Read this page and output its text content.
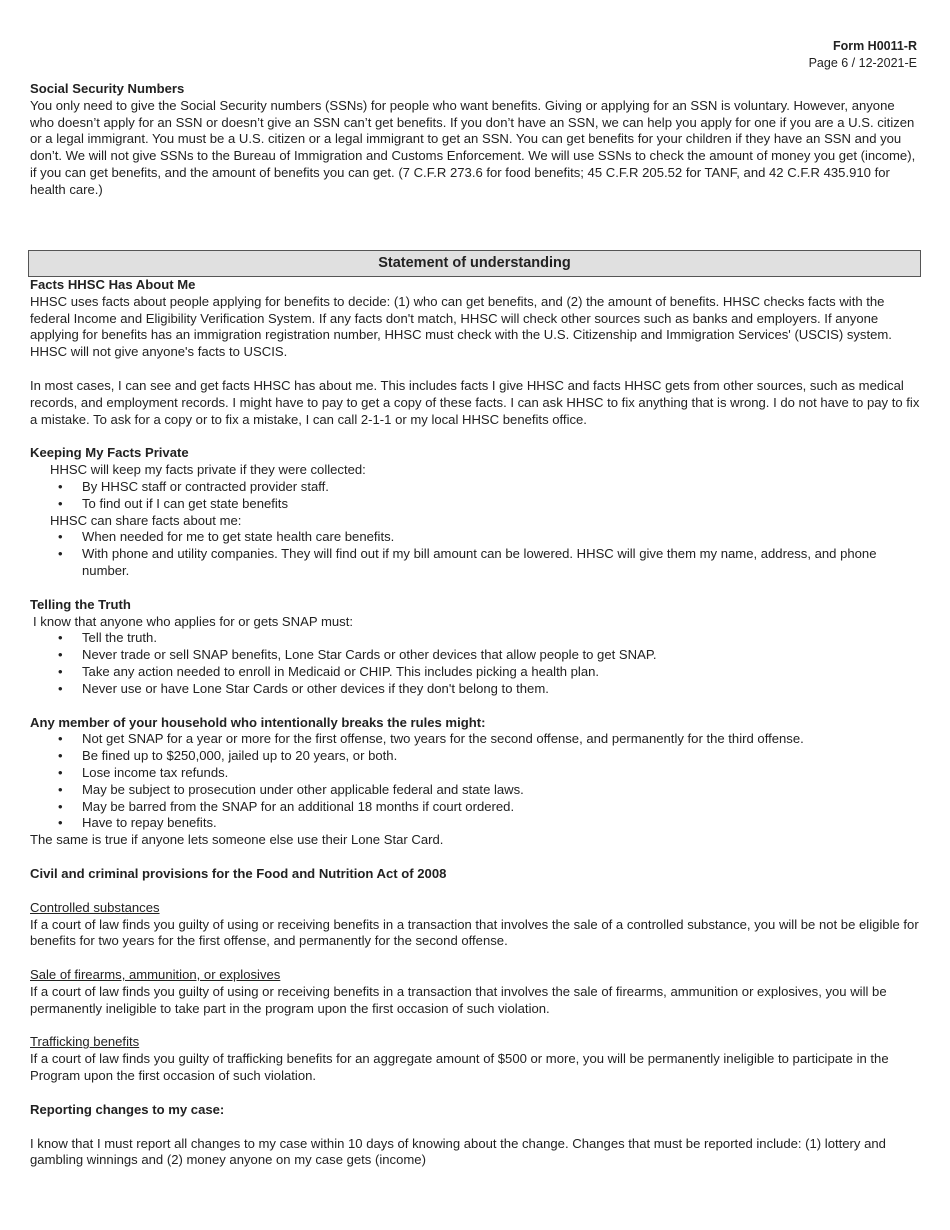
Form H0011-R
Page 6 / 12-2021-E

Social Security Numbers

You only need to give the Social Security numbers (SSNs) for people who want benefits. Giving or applying for an SSN is voluntary. However, anyone who doesn’t apply for an SSN or doesn’t give an SSN can’t get benefits. If you don’t have an SSN, we can help you apply for one if you are a U.S. citizen or a legal immigrant. You must be a U.S. citizen or a legal immigrant to get an SSN. You can get benefits for your children if they have an SSN and you don’t. We will not give SSNs to the Bureau of Immigration and Customs Enforcement. We will use SSNs to check the amount of money you get (income), if you can get benefits, and the amount of benefits you can get. (7 C.F.R 273.6 for food benefits; 45 C.F.R 205.52 for TANF, and 42 C.F.R 435.910 for health care.)

Statement of understanding

Facts HHSC Has About Me

HHSC uses facts about people applying for benefits to decide: (1) who can get benefits, and (2) the amount of benefits. HHSC checks facts with the federal Income and Eligibility Verification System. If any facts don't match, HHSC will check other sources such as banks and employers. If anyone applying for benefits has an immigration registration number, HHSC must check with the U.S. Citizenship and Immigration Services' (USCIS) system. HHSC will not give anyone's facts to USCIS.

In most cases, I can see and get facts HHSC has about me. This includes facts I give HHSC and facts HHSC gets from other sources, such as medical records, and employment records. I might have to pay to get a copy of these facts. I can ask HHSC to fix anything that is wrong. I do not have to pay to fix a mistake. To ask for a copy or to fix a mistake, I can call 2-1-1 or my local HHSC benefits office.

Keeping My Facts Private

HHSC will keep my facts private if they were collected:

• By HHSC staff or contracted provider staff.
• To find out if I can get state benefits

HHSC can share facts about me:

• When needed for me to get state health care benefits.
• With phone and utility companies. They will find out if my bill amount can be lowered. HHSC will give them my name, address, and phone number.

Telling the Truth

I know that anyone who applies for or gets SNAP must:

• Tell the truth.
• Never trade or sell SNAP benefits, Lone Star Cards or other devices that allow people to get SNAP.
• Take any action needed to enroll in Medicaid or CHIP. This includes picking a health plan.
• Never use or have Lone Star Cards or other devices if they don't belong to them.

Any member of your household who intentionally breaks the rules might:

• Not get SNAP for a year or more for the first offense, two years for the second offense, and permanently for the third offense.
• Be fined up to $250,000, jailed up to 20 years, or both.
• Lose income tax refunds.
• May be subject to prosecution under other applicable federal and state laws.
• May be barred from the SNAP for an additional 18 months if court ordered.
• Have to repay benefits.

The same is true if anyone lets someone else use their Lone Star Card.

Civil and criminal provisions for the Food and Nutrition Act of 2008

Controlled substances

If a court of law finds you guilty of using or receiving benefits in a transaction that involves the sale of a controlled substance, you will be not be eligible for benefits for two years for the first offense, and permanently for the second offense.

Sale of firearms, ammunition, or explosives

If a court of law finds you guilty of using or receiving benefits in a transaction that involves the sale of firearms, ammunition or explosives, you will be permanently ineligible to take part in the program upon the first occasion of such violation.

Trafficking benefits

If a court of law finds you guilty of trafficking benefits for an aggregate amount of $500 or more, you will be permanently ineligible to participate in the Program upon the first occasion of such violation.

Reporting changes to my case:

I know that I must report all changes to my case within 10 days of knowing about the change. Changes that must be reported include: (1) lottery and gambling winnings and (2) money anyone on my case gets (income)
